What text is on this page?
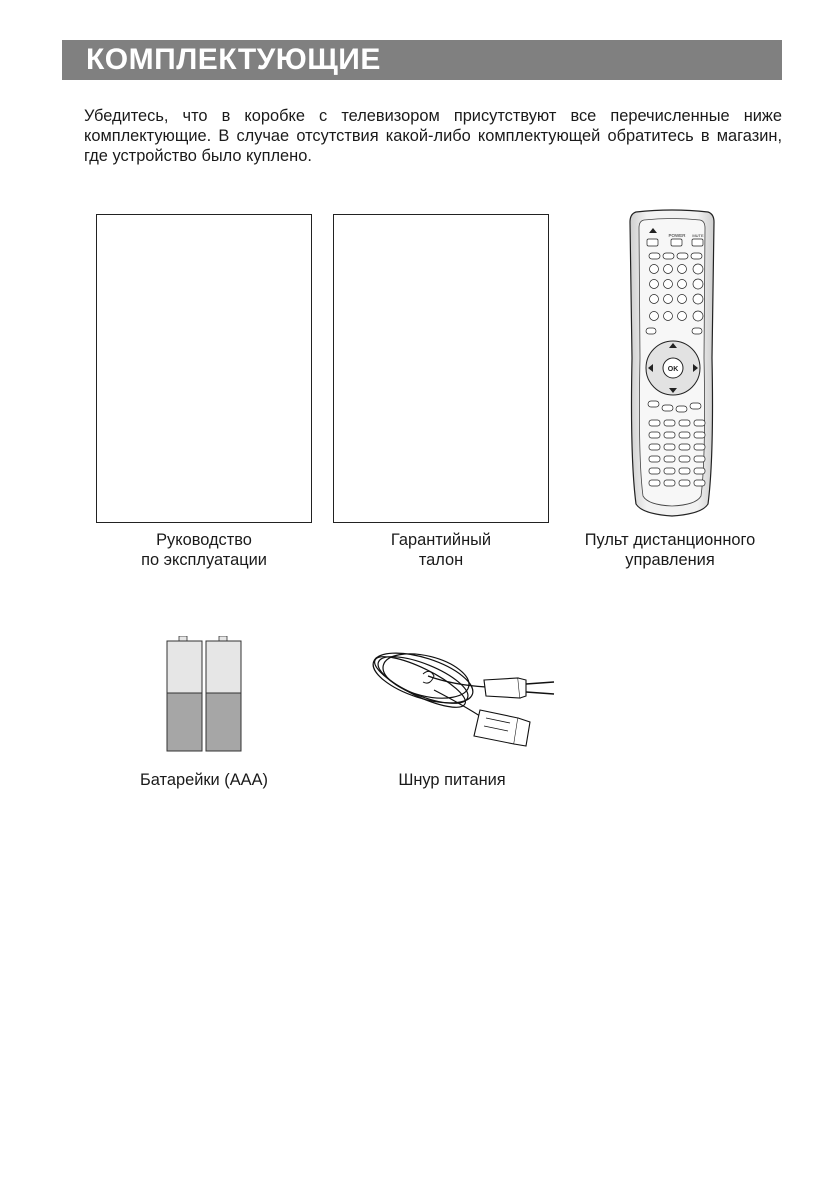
КОМПЛЕКТУЮЩИЕ

Убедитесь, что в коробке с телевизором присутствуют все перечисленные ниже комплектующие. В случае отсутствия какой-либо комплектующей обратитесь в магазин, где устройство было куплено.

Руководство
по эксплуатации
Гарантийный
талон
POWER MUTE
OK
Пульт дистанционного
управления
Батарейки (AAA)	Шнур питания
